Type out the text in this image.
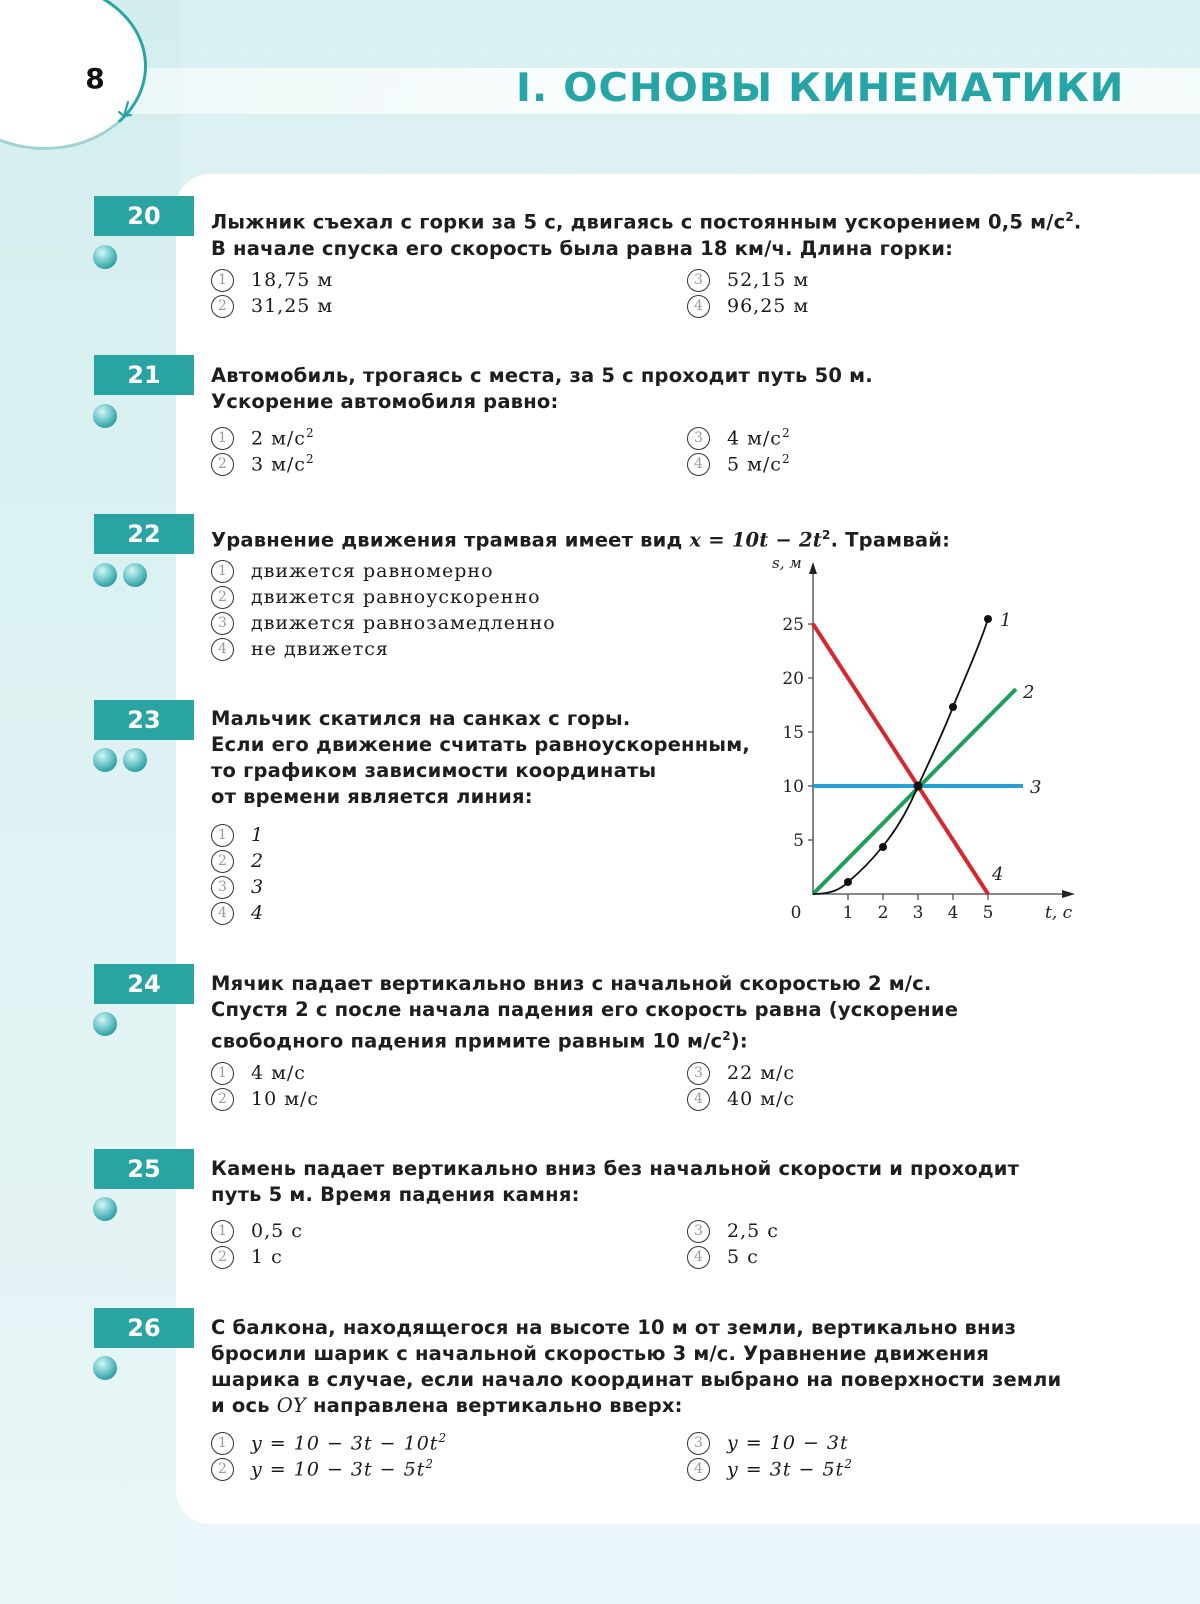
8	I. ОСНОВЫ КИНЕМАТИКИ
20	Лыжник съехал с горки за 5 с, двигаясь с постоянным ускорением 0,5 $м/с^2$.
В начале спуска его скорость была равна 18 км/ч. Длина горки:
1	18,75 м
2	31,25 м
3	52,15 м
4	96,25 м
21	Автомобиль, трогаясь с места, за 5 с проходит путь 50 м.
Ускорение автомобиля равно:
1	2 $м/с^2$
2	3 $м/с^2$
3	4 $м/с^2$
4	5 $м/с^2$
22	Уравнение движения трамвая имеет вид $x = 10t - 2t^2$. Трамвай:
1	движется равномерно
2	движется равноускоренно
3	движется равнозамедленно
4	не движется
23	Мальчик скатился на санках с горы.
Если его движение считать равноускоренным,
то графиком зависимости координаты
от времени является линия:
1	1
2	2
3	3
4	4
5
10
15
20
25
0 1 2 3 4 5
s, м
t, с
1
2
3
4
24	Мячик падает вертикально вниз с начальной скоростью 2 м/с.
Спустя 2 с после начала падения его скорость равна (ускорение
свободного падения примите равным 10 $м/с^2$):
1	4 м/с
2	10 м/с
3	22 м/с
4	40 м/с
25	Камень падает вертикально вниз без начальной скорости и проходит
путь 5 м. Время падения камня:
1	0,5 с
2	1 с
3	2,5 с
4	5 с
26	С балкона, находящегося на высоте 10 м от земли, вертикально вниз
бросили шарик с начальной скоростью 3 м/с. Уравнение движения
шарика в случае, если начало координат выбрано на поверхности земли
и ось OY направлена вертикально вверх:
1	$y = 10 - 3t - 10t^2$
2	$y = 10 - 3t - 5t^2$
3	y = 10 − 3t
4	$y = 3t - 5t^2$
